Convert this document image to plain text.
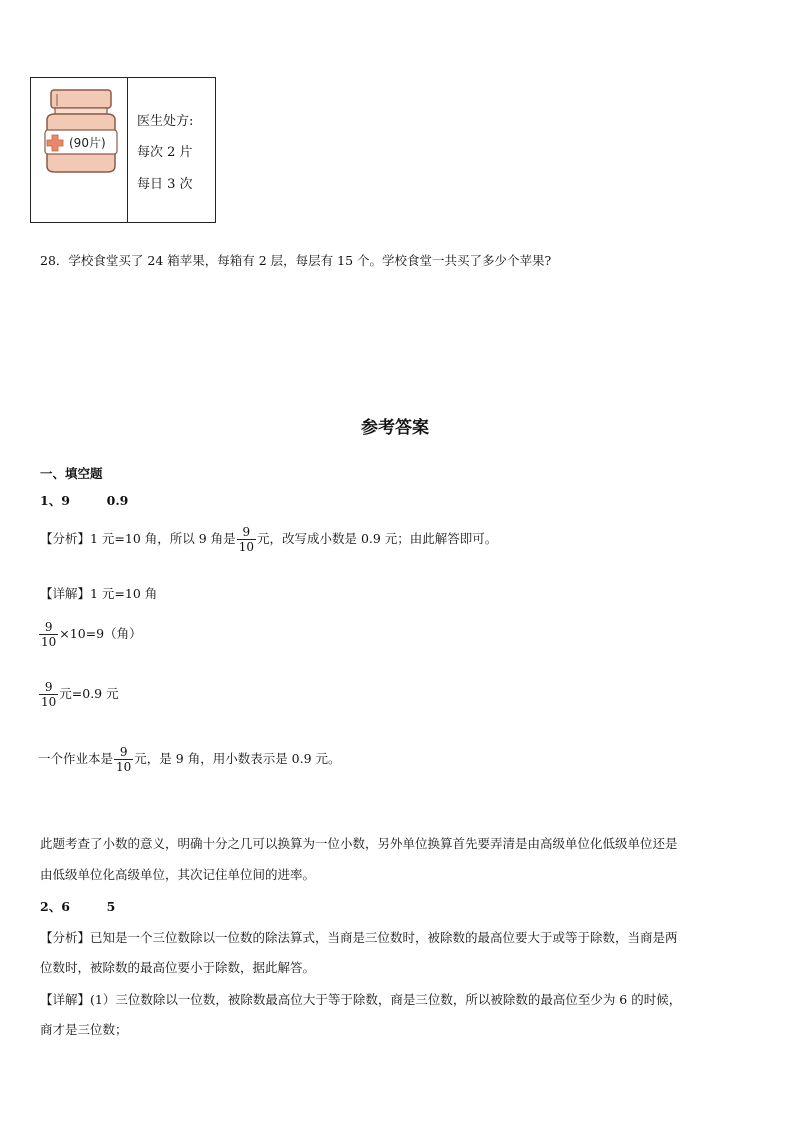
(90片)
医生处方:
每次 2 片
每日 3 次
28．学校食堂买了 24 箱苹果，每箱有 2 层，每层有 15 个。学校食堂一共买了多少个苹果?
参考答案
一、填空题
1、9	0.9
【分析】1 元=10 角，所以 9 角是 $\frac{9}{10}$ 元，改写成小数是 0.9 元；由此解答即可。
【详解】1 元=10 角
$\frac{9}{10} \times 10=9$（角）
$\frac{9}{10}$ 元=0.9 元
一个作业本是 $\frac{9}{10}$ 元，是 9 角，用小数表示是 0.9 元。
此题考查了小数的意义，明确十分之几可以换算为一位小数，另外单位换算首先要弄清是由高级单位化低级单位还是
由低级单位化高级单位，其次记住单位间的进率。
2、6	5
【分析】已知是一个三位数除以一位数的除法算式，当商是三位数时，被除数的最高位要大于或等于除数，当商是两
位数时，被除数的最高位要小于除数，据此解答。
【详解】(1）三位数除以一位数，被除数最高位大于等于除数，商是三位数，所以被除数的最高位至少为 6 的时候，
商才是三位数；
